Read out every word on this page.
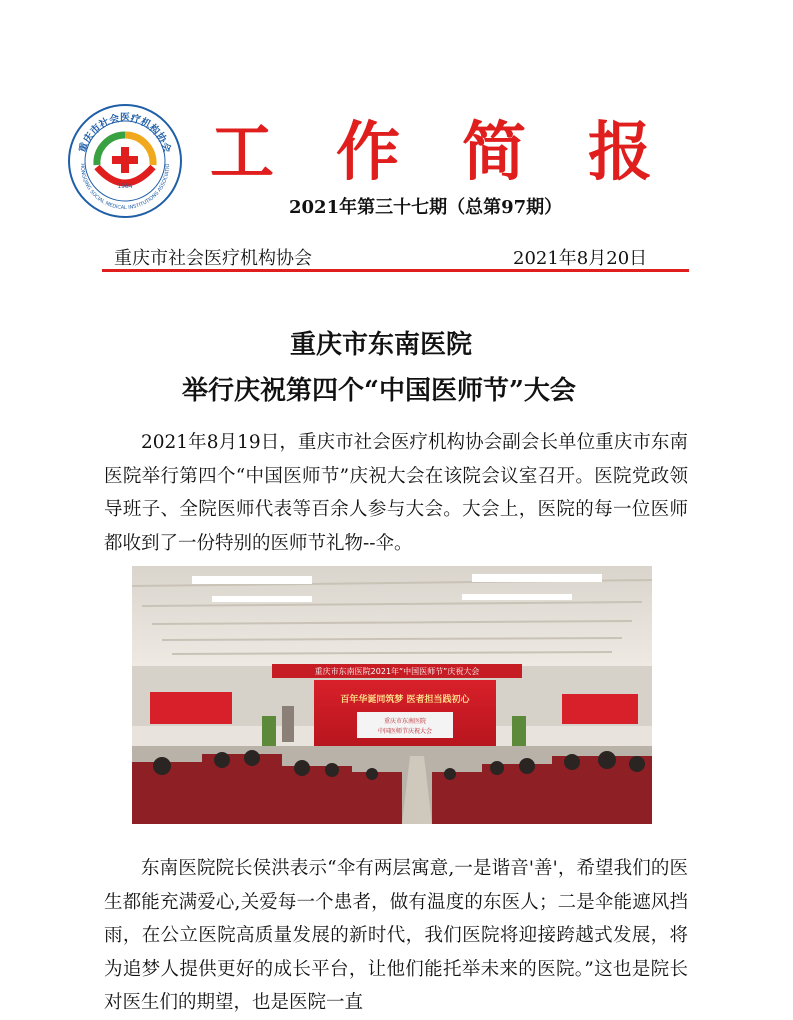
重庆市社会医疗机构协会
HONGQING SOCIAL MEDICAL INSTITUTIONS ASSOCIATIO
1984 工作简报
2021年第三十七期（总第97期）
重庆市社会医疗机构协会	2021年8月20日
重庆市东南医院
举行庆祝第四个“中国医师节”大会

2021年8月19日，重庆市社会医疗机构协会副会长单位重庆市东南医院举行第四个“中国医师节”庆祝大会在该院会议室召开。医院党政领导班子、全院医师代表等百余人参与大会。大会上，医院的每一位医师都收到了一份特别的医师节礼物--伞。

重庆市东南医院2021年“中国医师节”庆祝大会
百年华诞同筑梦 医者担当践初心
重庆市东南医院
中国医师节庆祝大会

东南医院院长侯洪表示“伞有两层寓意,一是谐音'善'，希望我们的医生都能充满爱心,关爱每一个患者，做有温度的东医人；二是伞能遮风挡雨，在公立医院高质量发展的新时代，我们医院将迎接跨越式发展，将为追梦人提供更好的成长平台，让他们能托举未来的医院。”这也是院长对医生们的期望，也是医院一直
